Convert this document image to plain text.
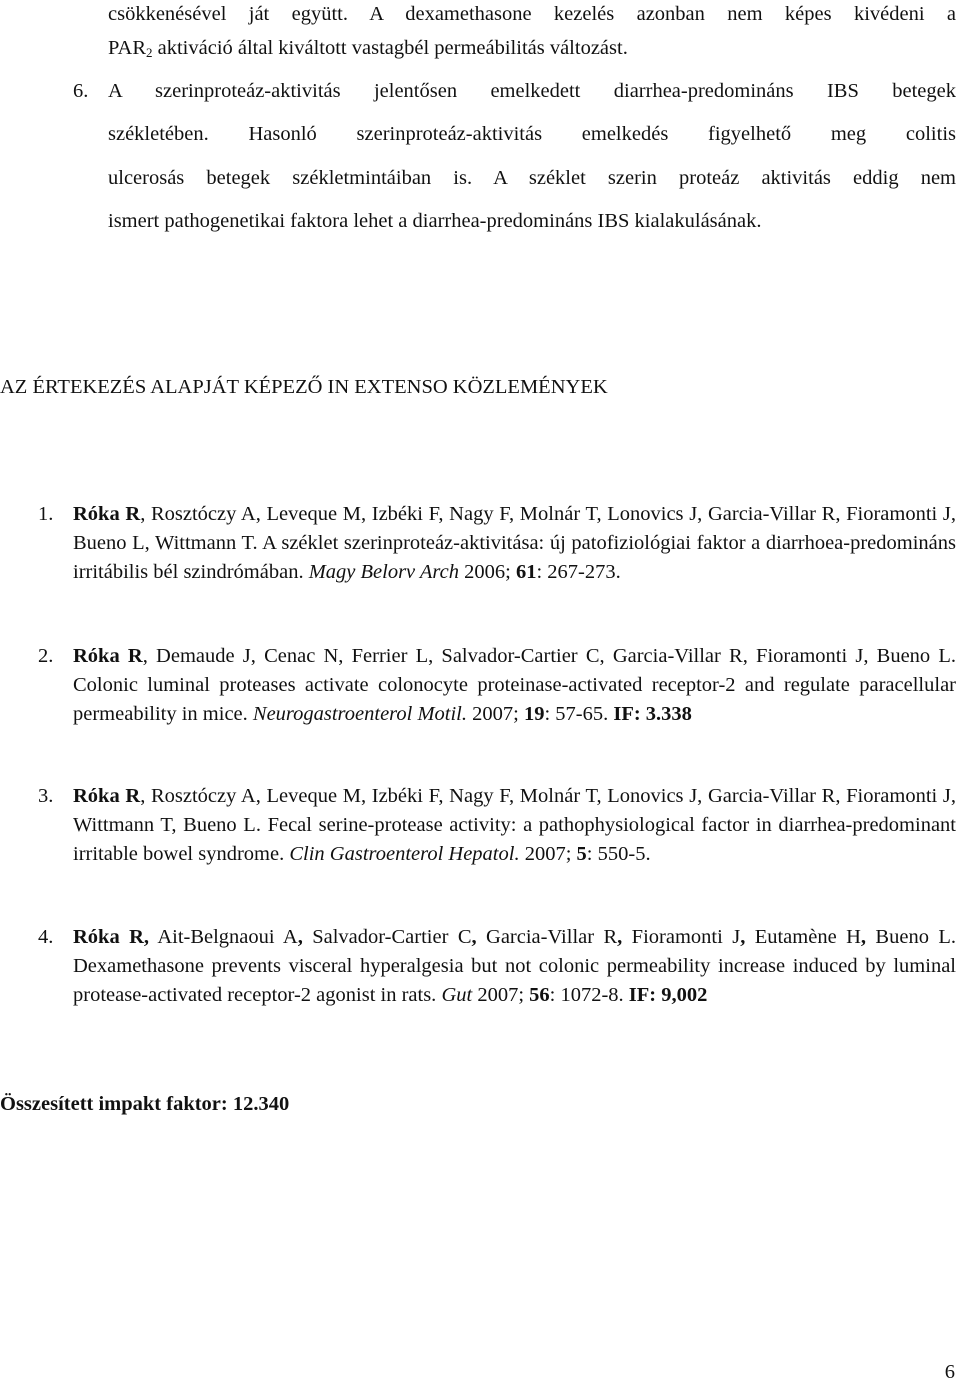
csökkenésével ját együtt. A dexamethasone kezelés azonban nem képes kivédeni a
$PAR_2$ aktiváció által kiváltott vastagbél permeábilitás változást.
6. A szerinproteáz-aktivitás jelentősen emelkedett diarrhea-predomináns IBS betegek
székletében. Hasonló szerinproteáz-aktivitás emelkedés figyelhető meg colitis
ulcerosás betegek székletmintáiban is. A széklet szerin proteáz aktivitás eddig nem
ismert pathogenetikai faktora lehet a diarrhea-predomináns IBS kialakulásának.
AZ ÉRTEKEZÉS ALAPJÁT KÉPEZŐ IN EXTENSO KÖZLEMÉNYEK
1. Róka R, Rosztóczy A, Leveque M, Izbéki F, Nagy F, Molnár T, Lonovics J, Garcia-Villar R, Fioramonti J, Bueno L, Wittmann T. A széklet szerinproteáz-aktivitása: új patofiziológiai faktor a diarrhoea-predomináns irritábilis bél szindrómában. Magy Belorv Arch 2006; 61: 267-273.
2. Róka R, Demaude J, Cenac N, Ferrier L, Salvador-Cartier C, Garcia-Villar R, Fioramonti J, Bueno L. Colonic luminal proteases activate colonocyte proteinase-activated receptor-2 and regulate paracellular permeability in mice. Neurogastroenterol Motil. 2007; 19: 57-65. IF: 3.338
3. Róka R, Rosztóczy A, Leveque M, Izbéki F, Nagy F, Molnár T, Lonovics J, Garcia-Villar R, Fioramonti J, Wittmann T, Bueno L. Fecal serine-protease activity: a pathophysiological factor in diarrhea-predominant irritable bowel syndrome. Clin Gastroenterol Hepatol. 2007; 5: 550-5.
4. Róka R, Ait-Belgnaoui A, Salvador-Cartier C, Garcia-Villar R, Fioramonti J, Eutamène H, Bueno L. Dexamethasone prevents visceral hyperalgesia but not colonic permeability increase induced by luminal protease-activated receptor-2 agonist in rats. Gut 2007; 56: 1072-8. IF: 9,002
Összesített impakt faktor: 12.340
6
